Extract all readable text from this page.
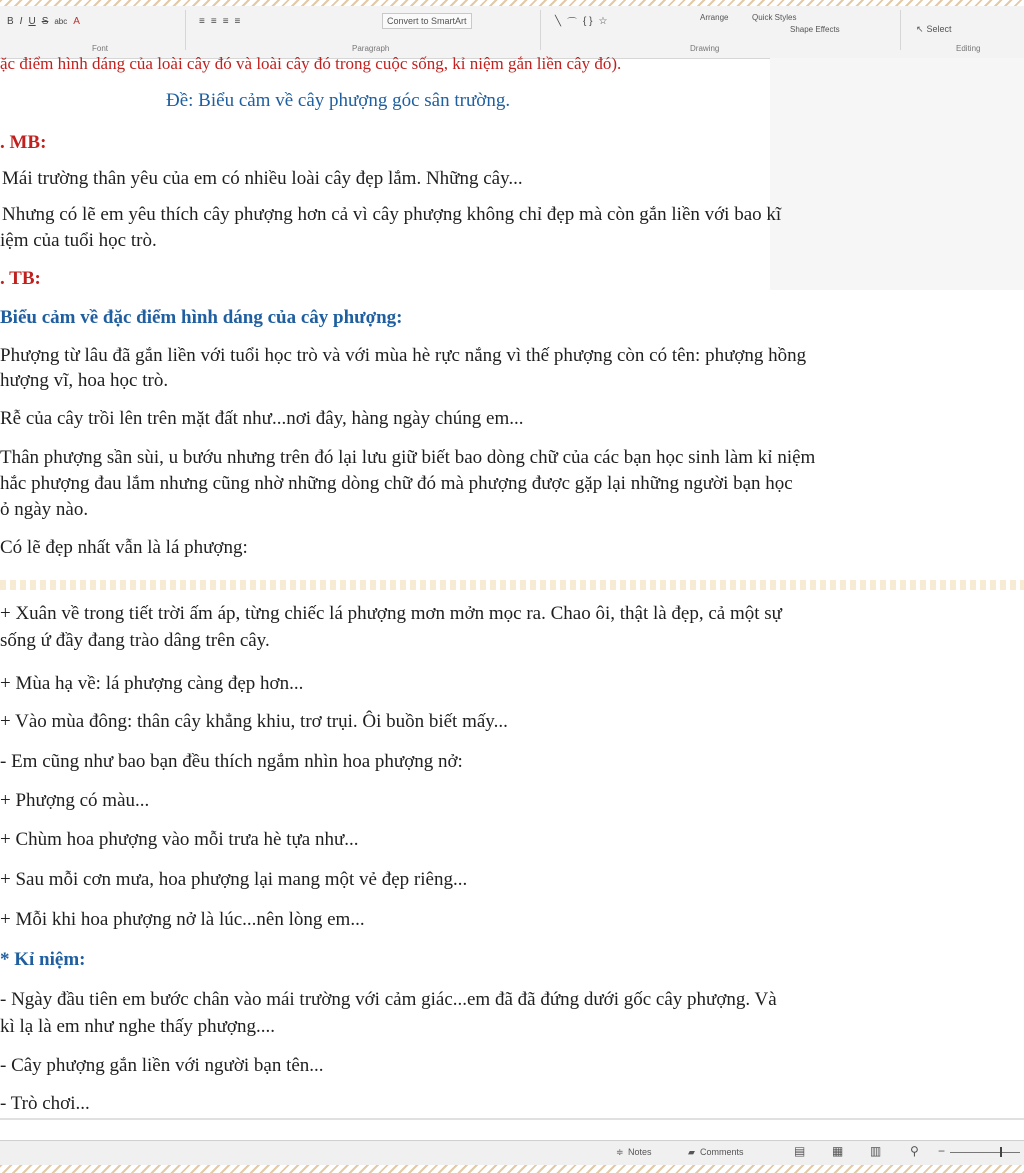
B I U S abc A	≡ ≡ ≡ ≡	Convert to SmartArt	╲ ⌒ { } ☆	Arrange	Quick Styles
Shape Effects	↖ Select
Font	Paragraph	Drawing	Editing
ặc điểm hình dáng của loài cây đó và loài cây đó trong cuộc sống, kỉ niệm gắn liền cây đó).
Đề: Biểu cảm về cây phượng góc sân trường.
. MB:
Mái trường thân yêu của em có nhiều loài cây đẹp lắm. Những cây...
Nhưng có lẽ em yêu thích cây phượng hơn cả vì cây phượng không chỉ đẹp mà còn gắn liền với bao kĩ
iệm của tuổi học trò.
. TB:
Biểu cảm về đặc điểm hình dáng của cây phượng:
Phượng từ lâu đã gắn liền với tuổi học trò và với mùa hè rực nắng vì thế phượng còn có tên: phượng hồng
hượng vĩ, hoa học trò.
Rễ của cây trồi lên trên mặt đất như...nơi đây, hàng ngày chúng em...
Thân phượng sần sùi, u bướu nhưng trên đó lại lưu giữ biết bao dòng chữ của các bạn học sinh làm kỉ niệm
hắc phượng đau lắm nhưng cũng nhờ những dòng chữ đó mà phượng được gặp lại những người bạn học
ỏ ngày nào.
Có lẽ đẹp nhất vẫn là lá phượng:
+ Xuân về trong tiết trời ấm áp, từng chiếc lá phượng mơn mởn mọc ra. Chao ôi, thật là đẹp, cả một sự
sống ứ đầy đang trào dâng trên cây.
+ Mùa hạ về: lá phượng càng đẹp hơn...
+ Vào mùa đông: thân cây khẳng khiu, trơ trụi. Ôi buồn biết mấy...
- Em cũng như bao bạn đều thích ngắm nhìn hoa phượng nở:
+ Phượng có màu...
+ Chùm hoa phượng vào mỗi trưa hè tựa như...
+ Sau mỗi cơn mưa, hoa phượng lại mang một vẻ đẹp riêng...
+ Mỗi khi hoa phượng nở là lúc...nên lòng em...
* Kỉ niệm:
- Ngày đầu tiên em bước chân vào mái trường với cảm giác...em đã đã đứng dưới gốc cây phượng. Và
kì lạ là em như nghe thấy phượng....
- Cây phượng gắn liền với người bạn tên...
- Trò chơi...
≑ Notes	▰ Comments	▤ ▦ ▥ ⚲ −
